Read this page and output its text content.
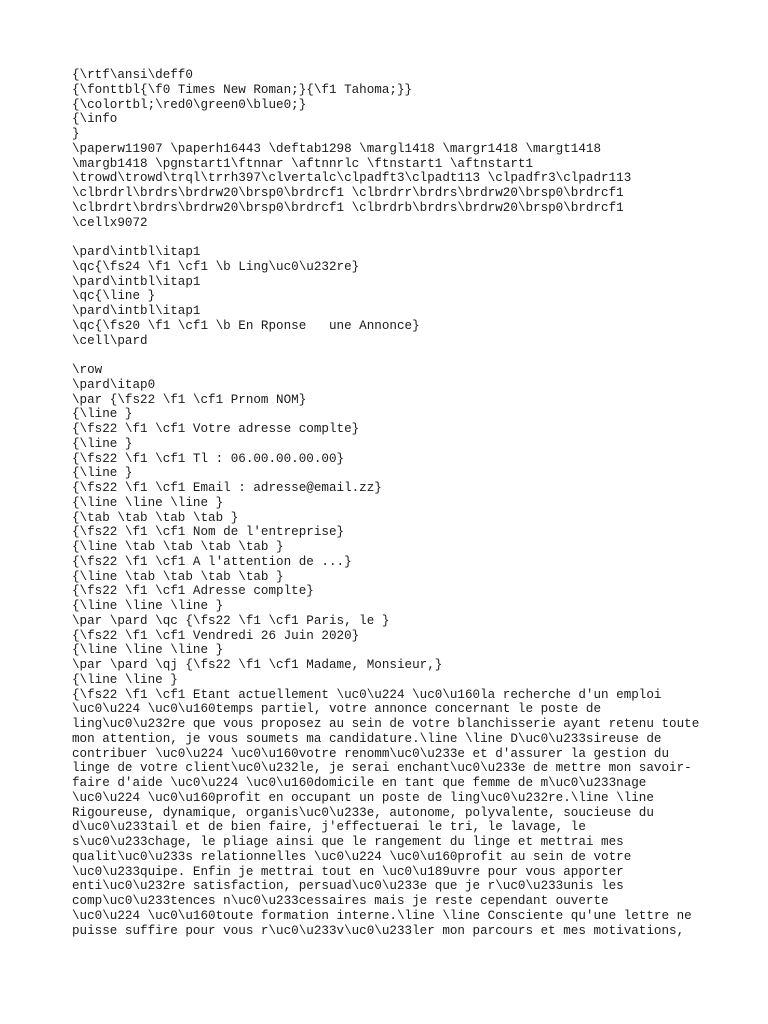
{\rtf\ansi\deff0
{\fonttbl{\f0 Times New Roman;}{\f1 Tahoma;}}
{\colortbl;\red0\green0\blue0;}
{\info
}
\paperw11907 \paperh16443 \deftab1298 \margl1418 \margr1418 \margt1418
\margb1418 \pgnstart1\ftnnar \aftnnrlc \ftnstart1 \aftnstart1
\trowd\trowd\trql\trrh397\clvertalc\clpadft3\clpadt113 \clpadfr3\clpadr113
\clbrdrl\brdrs\brdrw20\brsp0\brdrcf1 \clbrdrr\brdrs\brdrw20\brsp0\brdrcf1
\clbrdrt\brdrs\brdrw20\brsp0\brdrcf1 \clbrdrb\brdrs\brdrw20\brsp0\brdrcf1
\cellx9072
\pard\intbl\itap1
\qc{\fs24 \f1 \cf1 \b Ling\uc0\u232re}
\pard\intbl\itap1
\qc{\line }
\pard\intbl\itap1
\qc{\fs20 \f1 \cf1 \b En Rponse   une Annonce}
\cell\pard
\row
\pard\itap0
\par {\fs22 \f1 \cf1 Prnom NOM}
{\line }
{\fs22 \f1 \cf1 Votre adresse complte}
{\line }
{\fs22 \f1 \cf1 Tl : 06.00.00.00.00}
{\line }
{\fs22 \f1 \cf1 Email : adresse@email.zz}
{\line \line \line }
{\tab \tab \tab \tab }
{\fs22 \f1 \cf1 Nom de l'entreprise}
{\line \tab \tab \tab \tab }
{\fs22 \f1 \cf1 A l'attention de ...}
{\line \tab \tab \tab \tab }
{\fs22 \f1 \cf1 Adresse complte}
{\line \line \line }
\par \pard \qc {\fs22 \f1 \cf1 Paris, le }
{\fs22 \f1 \cf1 Vendredi 26 Juin 2020}
{\line \line \line }
\par \pard \qj {\fs22 \f1 \cf1 Madame, Monsieur,}
{\line \line }
{\fs22 \f1 \cf1 Etant actuellement \uc0\u224 \uc0\u160la recherche d'un emploi
\uc0\u224 \uc0\u160temps partiel, votre annonce concernant le poste de
ling\uc0\u232re que vous proposez au sein de votre blanchisserie ayant retenu toute
mon attention, je vous soumets ma candidature.\line \line D\uc0\u233sireuse de
contribuer \uc0\u224 \uc0\u160votre renomm\uc0\u233e et d'assurer la gestion du
linge de votre client\uc0\u232le, je serai enchant\uc0\u233e de mettre mon savoir-
faire d'aide \uc0\u224 \uc0\u160domicile en tant que femme de m\uc0\u233nage
\uc0\u224 \uc0\u160profit en occupant un poste de ling\uc0\u232re.\line \line
Rigoureuse, dynamique, organis\uc0\u233e, autonome, polyvalente, soucieuse du
d\uc0\u233tail et de bien faire, j'effectuerai le tri, le lavage, le
s\uc0\u233chage, le pliage ainsi que le rangement du linge et mettrai mes
qualit\uc0\u233s relationnelles \uc0\u224 \uc0\u160profit au sein de votre
\uc0\u233quipe. Enfin je mettrai tout en \uc0\u189uvre pour vous apporter
enti\uc0\u232re satisfaction, persuad\uc0\u233e que je r\uc0\u233unis les
comp\uc0\u233tences n\uc0\u233cessaires mais je reste cependant ouverte
\uc0\u224 \uc0\u160toute formation interne.\line \line Consciente qu'une lettre ne
puisse suffire pour vous r\uc0\u233v\uc0\u233ler mon parcours et mes motivations,
